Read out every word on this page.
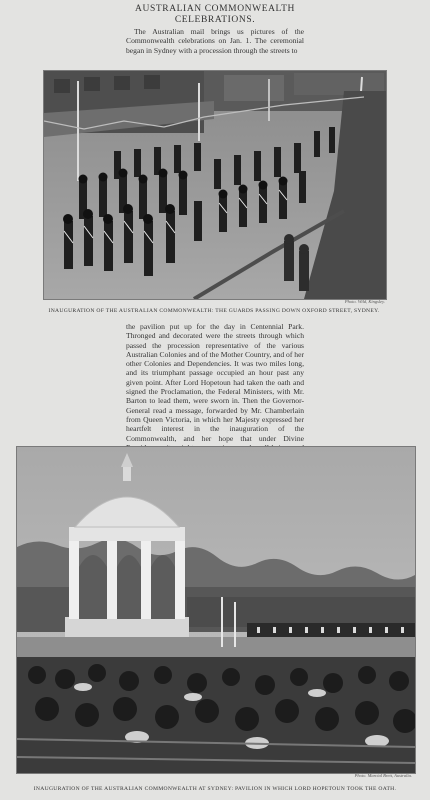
AUSTRALIAN COMMONWEALTH
CELEBRATIONS.

The Australian mail brings us pictures of the Commonwealth celebrations on Jan. 1. The ceremonial began in Sydney with a procession through the streets to

Photo. Wild, Kingsley.
INAUGURATION OF THE AUSTRALIAN COMMONWEALTH: THE GUARDS PASSING DOWN OXFORD STREET, SYDNEY.

the pavilion put up for the day in Centennial Park. Thronged and decorated were the streets through which passed the procession representative of the various Australian Colonies and of the Mother Country, and of her other Colonies and Dependencies. It was two miles long, and its triumphant passage occupied an hour past any given point. After Lord Hopetoun had taken the oath and signed the Proclamation, the Federal Ministers, with Mr. Barton to lead them, were sworn in. Then the Governor-General read a message, forwarded by Mr. Chamberlain from Queen Victoria, in which her Majesty expressed her heartfelt interest in the inauguration of the Commonwealth, and her hope that under Divine

Photo. Marcial Brett, Australia.
INAUGURATION OF THE AUSTRALIAN COMMONWEALTH AT SYDNEY: PAVILION IN WHICH LORD HOPETOUN TOOK THE OATH.
